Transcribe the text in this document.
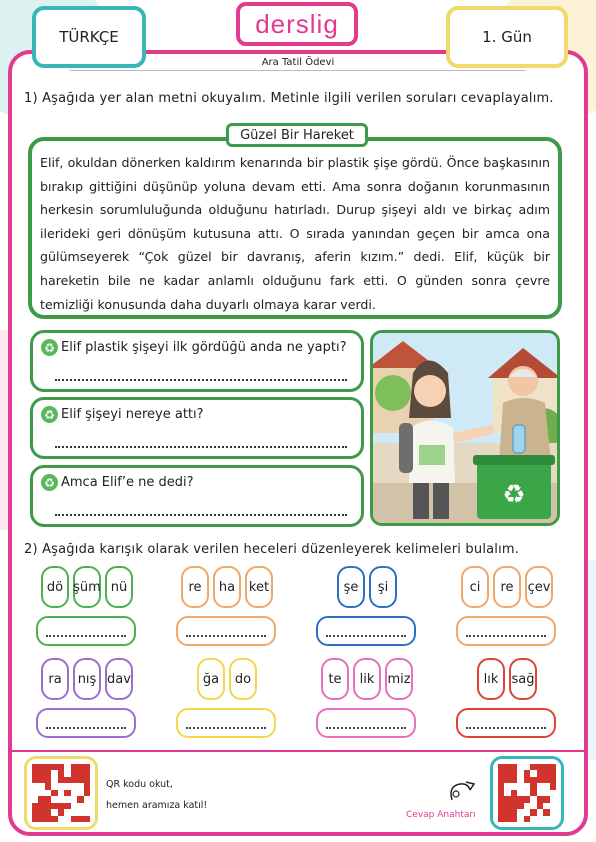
TÜRKÇE	derslig	1. Gün
Ara Tatil Ödevi
1) Aşağıda yer alan metni okuyalım. Metinle ilgili verilen soruları cevaplayalım.
Güzel Bir Hareket
Elif, okuldan dönerken kaldırım kenarında bir plastik şişe gördü. Önce başkasının bırakıp gittiğini düşünüp yoluna devam etti. Ama sonra doğanın korunmasının herkesin sorumluluğunda olduğunu hatırladı. Durup şişeyi aldı ve birkaç adım ilerideki geri dönüşüm kutusuna attı. O sırada yanından geçen bir amca ona gülümseyerek “Çok güzel bir davranış, aferin kızım.” dedi. Elif, küçük bir hareketin bile ne kadar anlamlı olduğunu fark etti. O günden sonra çevre temizliği konusunda daha duyarlı olmaya karar verdi.
♻ Elif plastik şişeyi ilk gördüğü anda ne yaptı?
♻ Elif şişeyi nereye attı?
♻ Amca Elif’e ne dedi?	♻
2) Aşağıda karışık olarak verilen heceleri düzenleyerek kelimeleri bulalım.
dö şüm nü	re	ha	ket	şe	şi	ci	re	çev
ra	nış dav	ğa	do	te	lik	miz	lık	sağ
QR kodu okut,
hemen aramıza katıl!
Cevap Anahtarı
